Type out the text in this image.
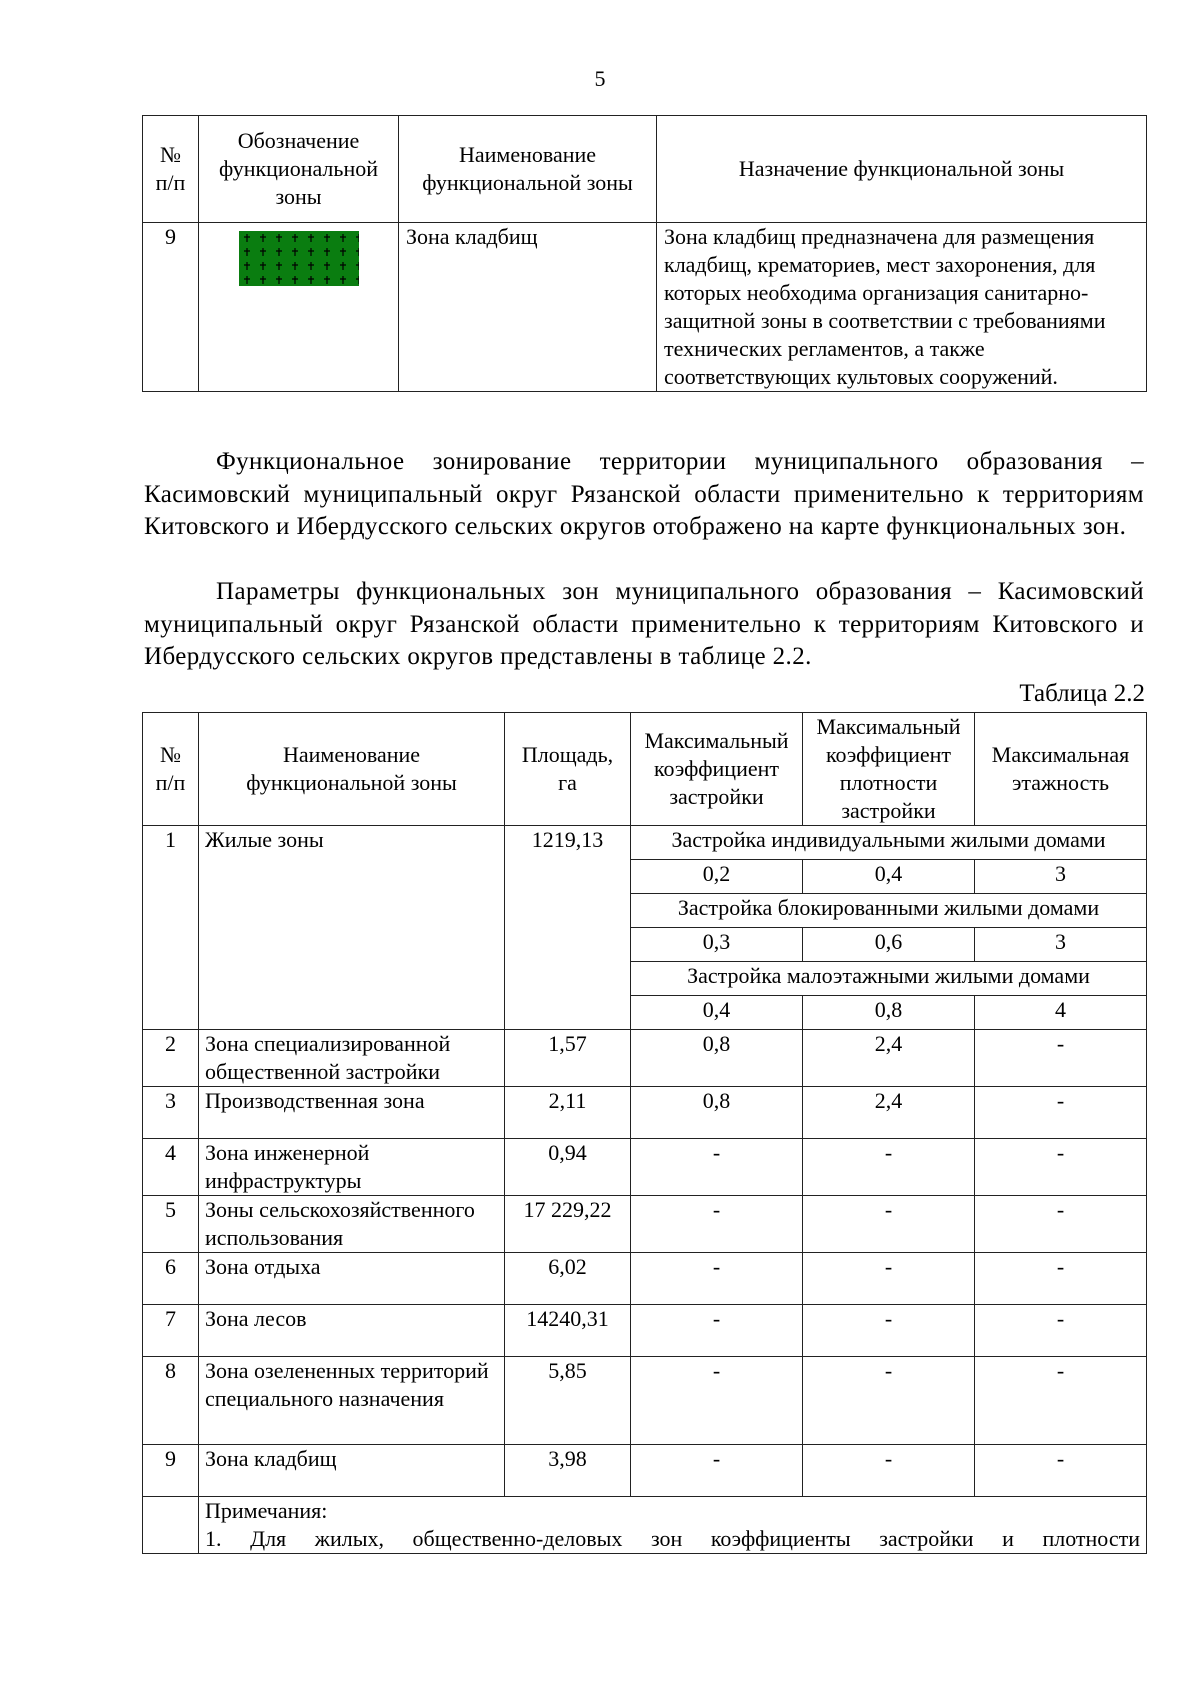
5
№ п/п	Обозначение функциональной зоны	Наименование функциональной зоны	Назначение функциональной зоны
9		Зона кладбищ	Зона кладбищ предназначена для размещения кладбищ, крематориев, мест захоронения, для которых необходима организация санитарно-защитной зоны в соответствии с требованиями технических регламентов, а также соответствующих культовых сооружений.

Функциональное зонирование территории муниципального образования – Касимовский муниципальный округ Рязанской области применительно к территориям Китовского и Ибердусского сельских округов отображено на карте функциональных зон.

Параметры функциональных зон муниципального образования – Касимовский муниципальный округ Рязанской области применительно к территориям Китовского и Ибердусского сельских округов представлены в таблице 2.2.

Таблица 2.2
№ п/п	Наименование функциональной зоны	Площадь, га	Максимальный коэффициент застройки	Максимальный коэффициент плотности застройки	Максимальная этажность
1	Жилые зоны	1219,13	Застройка индивидуальными жилыми домами		
			0,2	0,4	3
			Застройка блокированными жилыми домами		
			0,3	0,6	3
			Застройка малоэтажными жилыми домами		
			0,4	0,8	4
2	Зона специализированной общественной застройки	1,57	0,8	2,4	-
3	Производственная зона	2,11	0,8	2,4	-
4	Зона инженерной инфраструктуры	0,94	-	-	-
5	Зоны сельскохозяйственного использования	17 229,22	-	-	-
6	Зона отдыха	6,02	-	-	-
7	Зона лесов	14240,31	-	-	-
8	Зона озелененных территорий специального назначения	5,85	-	-	-
9	Зона кладбищ	3,98	-	-	-

	Примечания:
1. Для жилых, общественно-деловых зон коэффициенты застройки и плотности				
